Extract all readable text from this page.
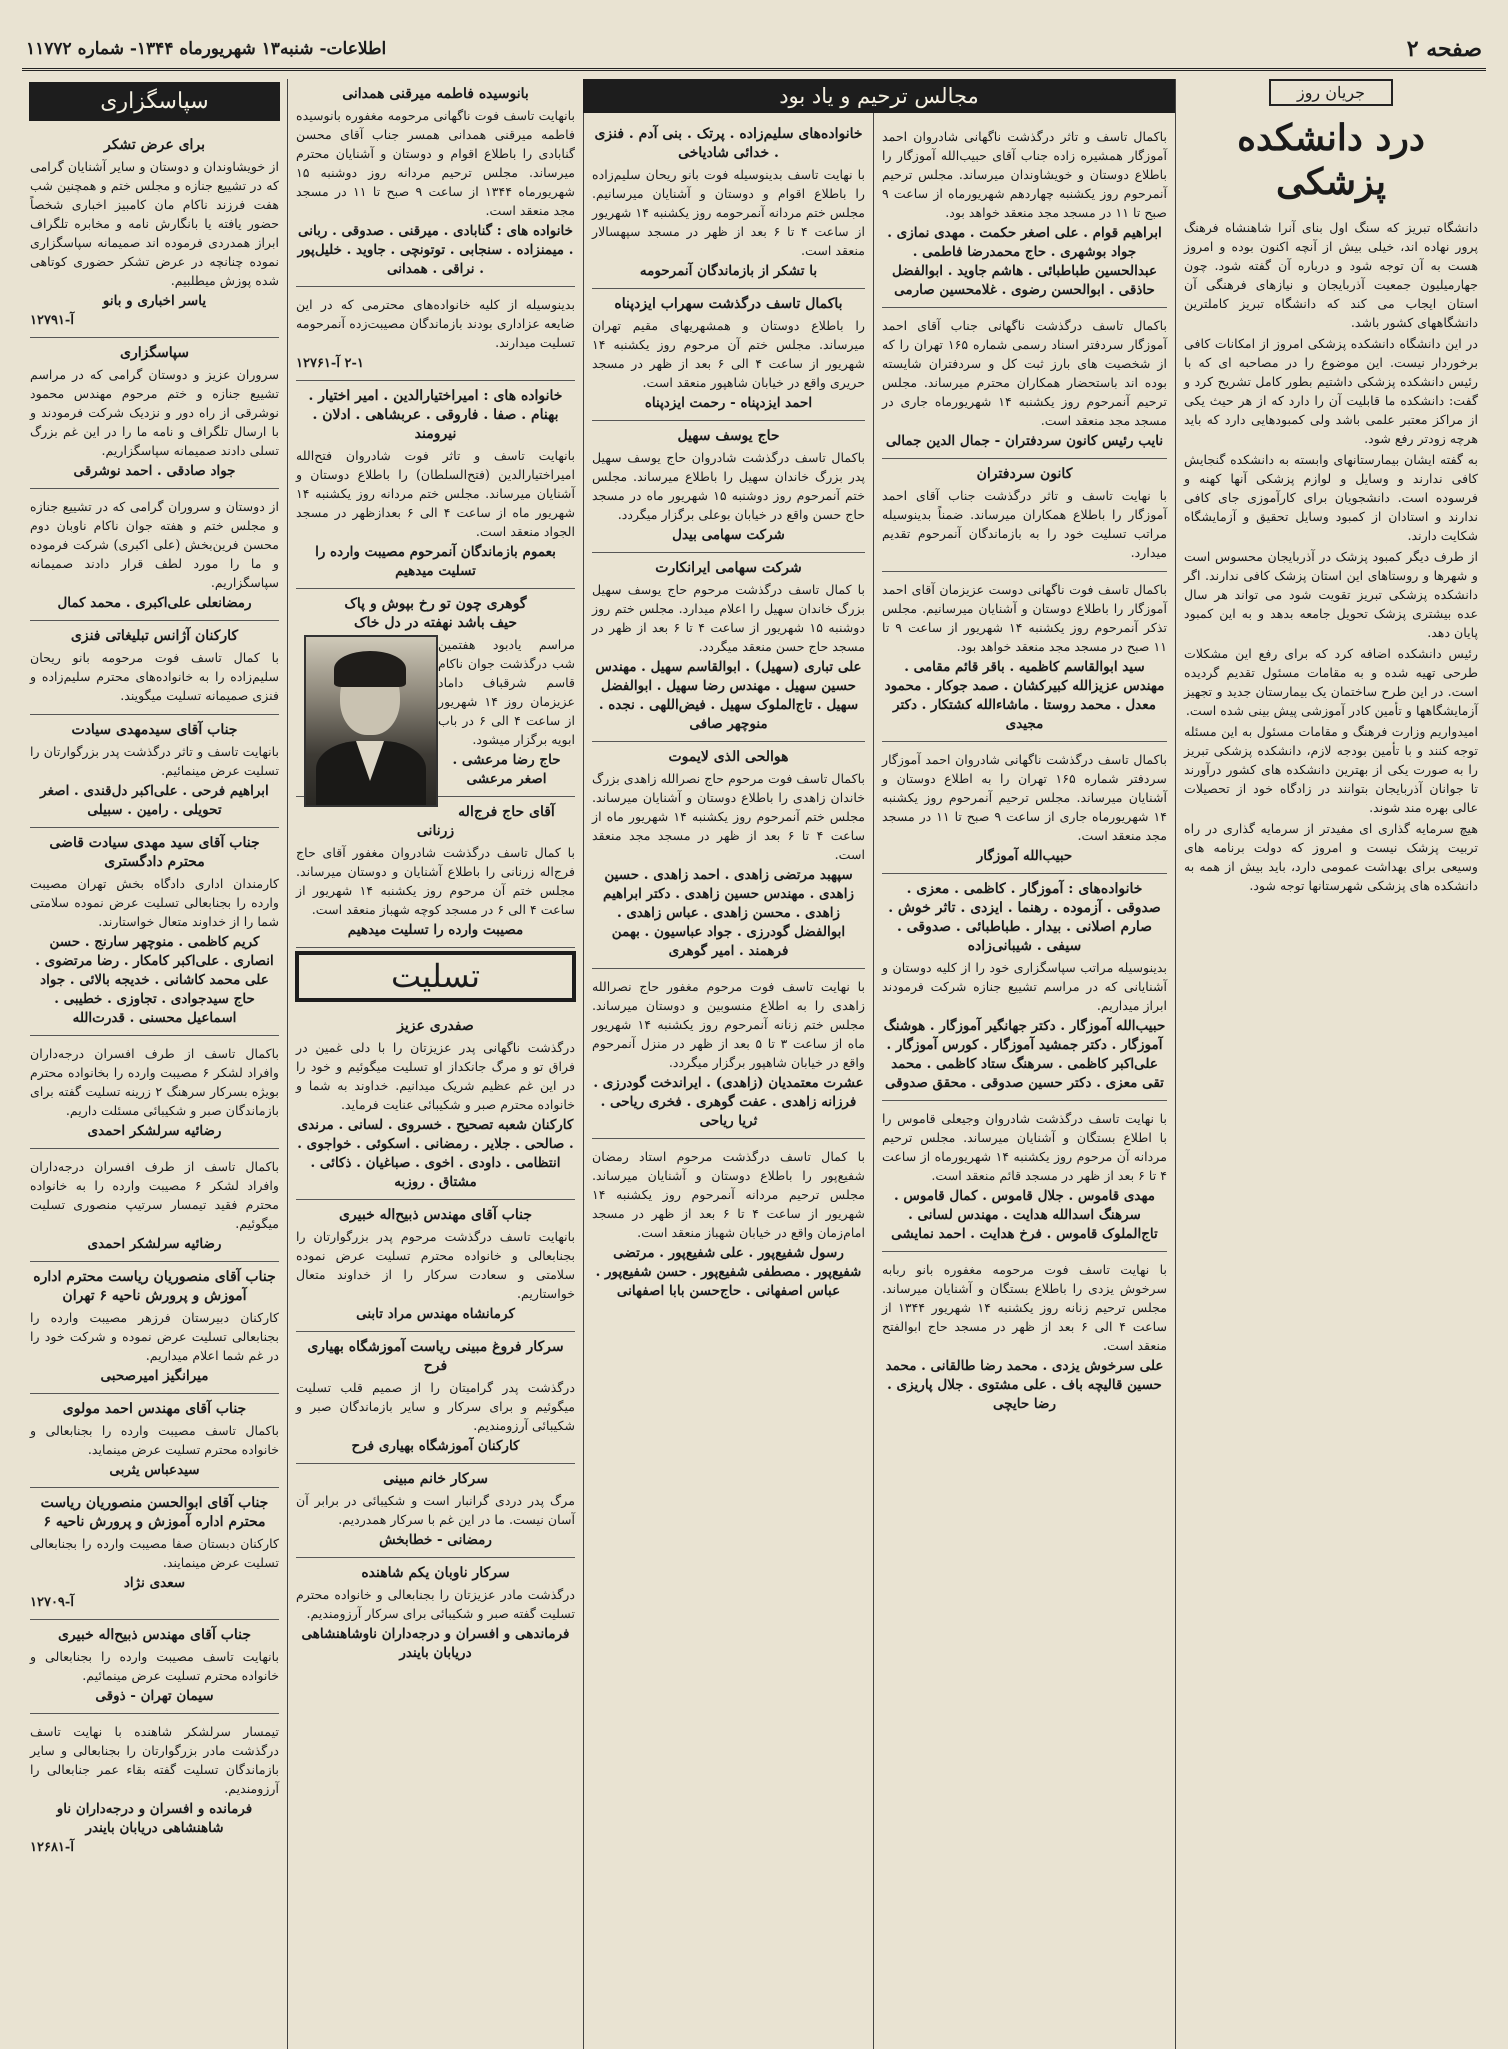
صفحه ۲
اطلاعات- شنبه۱۳ شهریورماه ۱۳۴۴- شماره ۱۱۷۷۲
مجالس ترحیم و یاد بود	جریان روز
درد دانشکده پزشکی

دانشگاه تبریز که سنگ اول بنای آنرا شاهنشاه فرهنگ پرور نهاده اند، خیلی بیش از آنچه اکنون بوده و امروز هست به آن توجه شود و درباره آن گفته شود. چون جهارمیلیون جمعیت آذربایجان و نیازهای فرهنگی آن استان ایجاب می کند که دانشگاه تبریز کاملترین دانشگاههای کشور باشد.

در این دانشگاه دانشکده پزشکی امروز از امکانات کافی برخوردار نیست. این موضوع را در مصاحبه ای که با رئیس دانشکده پزشکی داشتیم بطور کامل تشریح کرد و گفت: دانشکده ما قابلیت آن را دارد که از هر حیث یکی از مراکز معتبر علمی باشد ولی کمبودهایی دارد که باید هرچه زودتر رفع شود.

به گفته ایشان بیمارستانهای وابسته به دانشکده گنجایش کافی ندارند و وسایل و لوازم پزشکی آنها کهنه و فرسوده است. دانشجویان برای کارآموزی جای کافی ندارند و استادان از کمبود وسایل تحقیق و آزمایشگاه شکایت دارند.

از طرف دیگر کمبود پزشک در آذربایجان محسوس است و شهرها و روستاهای این استان پزشک کافی ندارند. اگر دانشکده پزشکی تبریز تقویت شود می تواند هر سال عده بیشتری پزشک تحویل جامعه بدهد و به این کمبود پایان دهد.

رئیس دانشکده اضافه کرد که برای رفع این مشکلات طرحی تهیه شده و به مقامات مسئول تقدیم گردیده است. در این طرح ساختمان یک بیمارستان جدید و تجهیز آزمایشگاهها و تأمین کادر آموزشی پیش بینی شده است.

امیدواریم وزارت فرهنگ و مقامات مسئول به این مسئله توجه کنند و با تأمین بودجه لازم، دانشکده پزشکی تبریز را به صورت یکی از بهترین دانشکده های کشور درآورند تا جوانان آذربایجان بتوانند در زادگاه خود از تحصیلات عالی بهره مند شوند.

هیچ سرمایه گذاری ای مفیدتر از سرمایه گذاری در راه تربیت پزشک نیست و امروز که دولت برنامه های وسیعی برای بهداشت عمومی دارد، باید بیش از همه به دانشکده های پزشکی شهرستانها توجه شود.

باکمال تاسف و تاثر درگذشت ناگهانی شادروان احمد آموزگار همشیره زاده جناب آقای حبیب‌الله آموزگار را باطلاع دوستان و خویشاوندان میرساند. مجلس ترحیم آنمرحوم روز یکشنبه چهاردهم شهریورماه از ساعت ۹ صبح تا ۱۱ در مسجد مجد منعقد خواهد بود.
ابراهیم قوام . علی اصغر حکمت . مهدی نمازی . جواد بوشهری . حاج محمدرضا فاطمی . عبدالحسین طباطبائی . هاشم جاوید . ابوالفضل حاذقی . ابوالحسن رضوی . غلامحسین صارمی
باکمال تاسف درگذشت ناگهانی جناب آقای احمد آموزگار سردفتر اسناد رسمی شماره ۱۶۵ تهران را که از شخصیت های بارز ثبت کل و سردفتران شایسته بوده اند باستحضار همکاران محترم میرساند. مجلس ترحیم آنمرحوم روز یکشنبه ۱۴ شهریورماه جاری در مسجد مجد منعقد است.
نایب رئیس کانون سردفتران - جمال الدین جمالی
کانون سردفتران
با نهایت تاسف و تاثر درگذشت جناب آقای احمد آموزگار را باطلاع همکاران میرساند. ضمناً بدینوسیله مراتب تسلیت خود را به بازماندگان آنمرحوم تقدیم میدارد.
باکمال تاسف فوت ناگهانی دوست عزیزمان آقای احمد آموزگار را باطلاع دوستان و آشنایان میرسانیم. مجلس تذکر آنمرحوم روز یکشنبه ۱۴ شهریور از ساعت ۹ تا ۱۱ صبح در مسجد مجد منعقد خواهد بود.
سید ابوالقاسم کاظمیه . باقر قائم مقامی . مهندس عزیزالله کبیرکشان . صمد جوکار . محمود معدل . محمد روستا . ماشاءالله کشتکار . دکتر مجیدی
باکمال تاسف درگذشت ناگهانی شادروان احمد آموزگار سردفتر شماره ۱۶۵ تهران را به اطلاع دوستان و آشنایان میرساند. مجلس ترحیم آنمرحوم روز یکشنبه ۱۴ شهریورماه جاری از ساعت ۹ صبح تا ۱۱ در مسجد مجد منعقد است.
حبیب‌الله آموزگار
خانواده‌های : آموزگار . کاظمی . معزی . صدوقی . آزموده . رهنما . ایزدی . تاثر خوش . صارم اصلانی . بیدار . طباطبائی . صدوقی . سیفی . شیبانی‌زاده
بدینوسیله مراتب سپاسگزاری خود را از کلیه دوستان و آشنایانی که در مراسم تشییع جنازه شرکت فرمودند ابراز میداریم.
حبیب‌الله آموزگار . دکتر جهانگیر آموزگار . هوشنگ آموزگار . دکتر جمشید آموزگار . کورس آموزگار . علی‌اکبر کاظمی . سرهنگ ستاد کاظمی . محمد تقی معزی . دکتر حسین صدوقی . محقق صدوقی
با نهایت تاسف درگذشت شادروان وجیعلی قاموس را با اطلاع بستگان و آشنایان میرساند. مجلس ترحیم مردانه آن مرحوم روز یکشنبه ۱۴ شهریورماه از ساعت ۴ تا ۶ بعد از ظهر در مسجد قائم منعقد است.
مهدی قاموس . جلال قاموس . کمال قاموس . سرهنگ اسدالله هدایت . مهندس لسانی . تاج‌الملوک قاموس . فرخ هدایت . احمد نمایشی
با نهایت تاسف فوت مرحومه مغفوره بانو ربابه سرخوش یزدی را باطلاع بستگان و آشنایان میرساند. مجلس ترحیم زنانه روز یکشنبه ۱۴ شهریور ۱۳۴۴ از ساعت ۴ الی ۶ بعد از ظهر در مسجد حاج ابوالفتح منعقد است.
علی سرخوش یزدی . محمد رضا طالقانی . محمد حسین قالیچه باف . علی مشتوی . جلال پاریزی . رضا حایچی
خانواده‌های سلیم‌زاده . پرتک . بنی آدم . فنزی . خدائی شادیاخی
با نهایت تاسف بدینوسیله فوت بانو ریحان سلیم‌زاده را باطلاع اقوام و دوستان و آشنایان میرسانیم. مجلس ختم مردانه آنمرحومه روز یکشنبه ۱۴ شهریور از ساعت ۴ تا ۶ بعد از ظهر در مسجد سپهسالار منعقد است.
با تشکر از بازماندگان آنمرحومه
باکمال تاسف درگذشت سهراب ایزدپناه
را باطلاع دوستان و همشهریهای مقیم تهران میرساند. مجلس ختم آن مرحوم روز یکشنبه ۱۴ شهریور از ساعت ۴ الی ۶ بعد از ظهر در مسجد حریری واقع در خیابان شاهپور منعقد است.
احمد ایزدپناه - رحمت ایزدپناه
حاج یوسف سهیل
باکمال تاسف درگذشت شادروان حاج یوسف سهیل پدر بزرگ خاندان سهیل را باطلاع میرساند. مجلس ختم آنمرحوم روز دوشنبه ۱۵ شهریور ماه در مسجد حاج حسن واقع در خیابان بوعلی برگزار میگردد.
شرکت سهامی بیدل
شرکت سهامی ایرانکارت
با کمال تاسف درگذشت مرحوم حاج یوسف سهیل بزرگ خاندان سهیل را اعلام میدارد. مجلس ختم روز دوشنبه ۱۵ شهریور از ساعت ۴ تا ۶ بعد از ظهر در مسجد حاج حسن منعقد میگردد.
علی تباری (سهیل) . ابوالقاسم سهیل . مهندس حسین سهیل . مهندس رضا سهیل . ابوالفضل سهیل . تاج‌الملوک سهیل . فیض‌اللهی . نجده . منوچهر صافی
هوالحی الذی لایموت
باکمال تاسف فوت مرحوم حاج نصرالله زاهدی بزرگ خاندان زاهدی را باطلاع دوستان و آشنایان میرساند. مجلس ختم آنمرحوم روز یکشنبه ۱۴ شهریور ماه از ساعت ۴ تا ۶ بعد از ظهر در مسجد مجد منعقد است.
سپهبد مرتضی زاهدی . احمد زاهدی . حسین زاهدی . مهندس حسین زاهدی . دکتر ابراهیم زاهدی . محسن زاهدی . عباس زاهدی . ابوالفضل گودرزی . جواد عباسیون . بهمن فرهمند . امیر گوهری
با نهایت تاسف فوت مرحوم مغفور حاج نصرالله زاهدی را به اطلاع منسوبین و دوستان میرساند. مجلس ختم زنانه آنمرحوم روز یکشنبه ۱۴ شهریور ماه از ساعت ۳ تا ۵ بعد از ظهر در منزل آنمرحوم واقع در خیابان شاهپور برگزار میگردد.
عشرت معتمدیان (زاهدی) . ایراندخت گودرزی . فرزانه زاهدی . عفت گوهری . فخری ریاحی . ثریا ریاحی
با کمال تاسف درگذشت مرحوم استاد رمضان شفیع‌پور را باطلاع دوستان و آشنایان میرساند. مجلس ترحیم مردانه آنمرحوم روز یکشنبه ۱۴ شهریور از ساعت ۴ تا ۶ بعد از ظهر در مسجد امام‌زمان واقع در خیابان شهباز منعقد است.
رسول شفیع‌پور . علی شفیع‌پور . مرتضی شفیع‌پور . مصطفی شفیع‌پور . حسن شفیع‌پور . عباس اصفهانی . حاج‌حسن بابا اصفهانی
بانوسیده فاطمه میرقنی همدانی
بانهایت تاسف فوت ناگهانی مرحومه مغفوره بانوسیده فاطمه میرقنی همدانی همسر جناب آقای محسن گنابادی را باطلاع اقوام و دوستان و آشنایان محترم میرساند. مجلس ترحیم مردانه روز دوشنبه ۱۵ شهریورماه ۱۳۴۴ از ساعت ۹ صبح تا ۱۱ در مسجد مجد منعقد است.
خانواده های : گنابادی . میرقنی . صدوقی . ربانی . میمنزاده . سنجابی . توتونچی . جاوید . خلیل‌پور . نراقی . همدانی
بدینوسیله از کلیه خانواده‌های محترمی که در این ضایعه عزاداری بودند بازماندگان مصیبت‌زده آنمرحومه تسلیت میدارند.
۲-۱ آ-۱۲۷۶۱
خانواده های : امیراختیارالدین . امیر اختیار . بهنام . صفا . فاروقی . عربشاهی . ادلان . نیرومند
بانهایت تاسف و تاثر فوت شادروان فتح‌الله امیراختیارالدین (فتح‌السلطان) را باطلاع دوستان و آشنایان میرساند. مجلس ختم مردانه روز یکشنبه ۱۴ شهریور ماه از ساعت ۴ الی ۶ بعدازظهر در مسجد الجواد منعقد است.
بعموم بازماندگان آنمرحوم مصیبت وارده را تسلیت میدهیم
گوهری چون تو رخ بپوش و پاک
حیف باشد نهفته در دل خاک
مراسم یادبود هفتمین شب درگذشت جوان ناکام قاسم شرقباف داماد عزیزمان روز ۱۴ شهریور از ساعت ۴ الی ۶ در باب ابویه برگزار میشود.
حاج رضا مرعشی . اصغر مرعشی
آقای حاج فرج‌اله زرنانی
با کمال تاسف درگذشت شادروان مغفور آقای حاج فرج‌اله زرنانی را باطلاع آشنایان و دوستان میرساند. مجلس ختم آن مرحوم روز یکشنبه ۱۴ شهریور از ساعت ۴ الی ۶ در مسجد کوچه شهباز منعقد است.
مصیبت وارده را تسلیت میدهیم
تسلیت
صفدری عزیز
درگذشت ناگهانی پدر عزیزتان را با دلی غمین در فراق تو و مرگ جانکداز او تسلیت میگوئیم و خود را در این غم عظیم شریک میدانیم. خداوند به شما و خانواده محترم صبر و شکیبائی عنایت فرماید.
کارکنان شعبه تصحیح . خسروی . لسانی . مرندی . صالحی . جلایر . رمضانی . اسکوئی . خواجوی . انتظامی . داودی . اخوی . صباغیان . ذکائی . مشتاق . روزبه
جناب آقای مهندس ذبیح‌اله خبیری
بانهایت تاسف درگذشت مرحوم پدر بزرگوارتان را بجنابعالی و خانواده محترم تسلیت عرض نموده سلامتی و سعادت سرکار را از خداوند متعال خواستاریم.
کرمانشاه مهندس مراد تابنی
سرکار فروغ مبینی ریاست آموزشگاه بهیاری فرح
درگذشت پدر گرامیتان را از صمیم قلب تسلیت میگوئیم و برای سرکار و سایر بازماندگان صبر و شکیبائی آرزومندیم.
کارکنان آموزشگاه بهیاری فرح
سرکار خانم مبینی
مرگ پدر دردی گرانبار است و شکیبائی در برابر آن آسان نیست. ما در این غم با سرکار همدردیم.
رمضانی - خطابخش
سرکار ناوبان یکم شاهنده
درگذشت مادر عزیزتان را بجنابعالی و خانواده محترم تسلیت گفته صبر و شکیبائی برای سرکار آرزومندیم.
فرماندهی و افسران و درجه‌داران ناوشاهنشاهی دریابان بایندر
سپاسگزاری
برای عرض تشکر
از خویشاوندان و دوستان و سایر آشنایان گرامی که در تشییع جنازه و مجلس ختم و همچنین شب هفت فرزند ناکام مان کامبیز اخباری شخصاً حضور یافته یا بانگارش نامه و مخابره تلگراف ابراز همدردی فرموده اند صمیمانه سپاسگزاری نموده چنانچه در عرض تشکر حضوری کوتاهی شده پوزش میطلبیم.
یاسر اخباری و بانو
آ-۱۲۷۹۱
سپاسگزاری
سروران عزیز و دوستان گرامی که در مراسم تشییع جنازه و ختم مرحوم مهندس محمود نوشرقی از راه دور و نزدیک شرکت فرمودند و با ارسال تلگراف و نامه ما را در این غم بزرگ تسلی دادند صمیمانه سپاسگزاریم.
جواد صادقی . احمد نوشرقی
از دوستان و سروران گرامی که در تشییع جنازه و مجلس ختم و هفته جوان ناکام ناوبان دوم محسن فرین‌بخش (علی اکبری) شرکت فرموده و ما را مورد لطف قرار دادند صمیمانه سپاسگزاریم.
رمضانعلی علی‌اکبری . محمد کمال
کارکنان آژانس تبلیغاتی فنزی
با کمال تاسف فوت مرحومه بانو ریحان سلیم‌زاده را به خانواده‌های محترم سلیم‌زاده و فنزی صمیمانه تسلیت میگویند.
جناب آقای سیدمهدی سیادت
بانهایت تاسف و تاثر درگذشت پدر بزرگوارتان را تسلیت عرض مینمائیم.
ابراهیم فرحی . علی‌اکبر دل‌قندی . اصغر تحویلی . رامین . سبیلی
جناب آقای سید مهدی سیادت قاضی محترم دادگستری
کارمندان اداری دادگاه بخش تهران مصیبت وارده را بجنابعالی تسلیت عرض نموده سلامتی شما را از خداوند متعال خواستارند.
کریم کاظمی . منوچهر سارنج . حسن انصاری . علی‌اکبر کامکار . رضا مرتضوی . علی محمد کاشانی . خدیجه بالائی . جواد حاج سیدجوادی . تجاوزی . خطیبی . اسماعیل محسنی . قدرت‌الله
باکمال تاسف از طرف افسران درجه‌داران وافراد لشکر ۶ مصیبت وارده را بخانواده محترم بویژه بسرکار سرهنگ ۲ زرینه تسلیت گفته برای بازماندگان صبر و شکیبائی مسئلت داریم.
رضائیه سرلشکر احمدی
باکمال تاسف از طرف افسران درجه‌داران وافراد لشکر ۶ مصیبت وارده را به خانواده محترم فقید تیمسار سرتیپ منصوری تسلیت میگوئیم.
رضائیه سرلشکر احمدی
جناب آقای منصوریان ریاست محترم اداره آموزش و پرورش ناحیه ۶ تهران
کارکنان دبیرستان فرزهر مصیبت وارده را بجنابعالی تسلیت عرض نموده و شرکت خود را در غم شما اعلام میداریم.
میرانگیز امیرصحبی
جناب آقای مهندس احمد مولوی
باکمال تاسف مصیبت وارده را بجنابعالی و خانواده محترم تسلیت عرض مینماید.
سیدعباس یثربی
جناب آقای ابوالحسن منصوریان ریاست محترم اداره آموزش و پرورش ناحیه ۶
کارکنان دبستان صفا مصیبت وارده را بجنابعالی تسلیت عرض مینمایند.
سعدی نژاد
آ-۱۲۷۰۹
جناب آقای مهندس ذبیح‌اله خبیری
بانهایت تاسف مصیبت وارده را بجنابعالی و خانواده محترم تسلیت عرض مینمائیم.
سیمان تهران - ذوقی
تیمسار سرلشکر شاهنده با نهایت تاسف درگذشت مادر بزرگوارتان را بجنابعالی و سایر بازماندگان تسلیت گفته بقاء عمر جنابعالی را آرزومندیم.
فرمانده و افسران و درجه‌داران ناو شاهنشاهی دریابان بایندر
آ-۱۲۶۸۱
